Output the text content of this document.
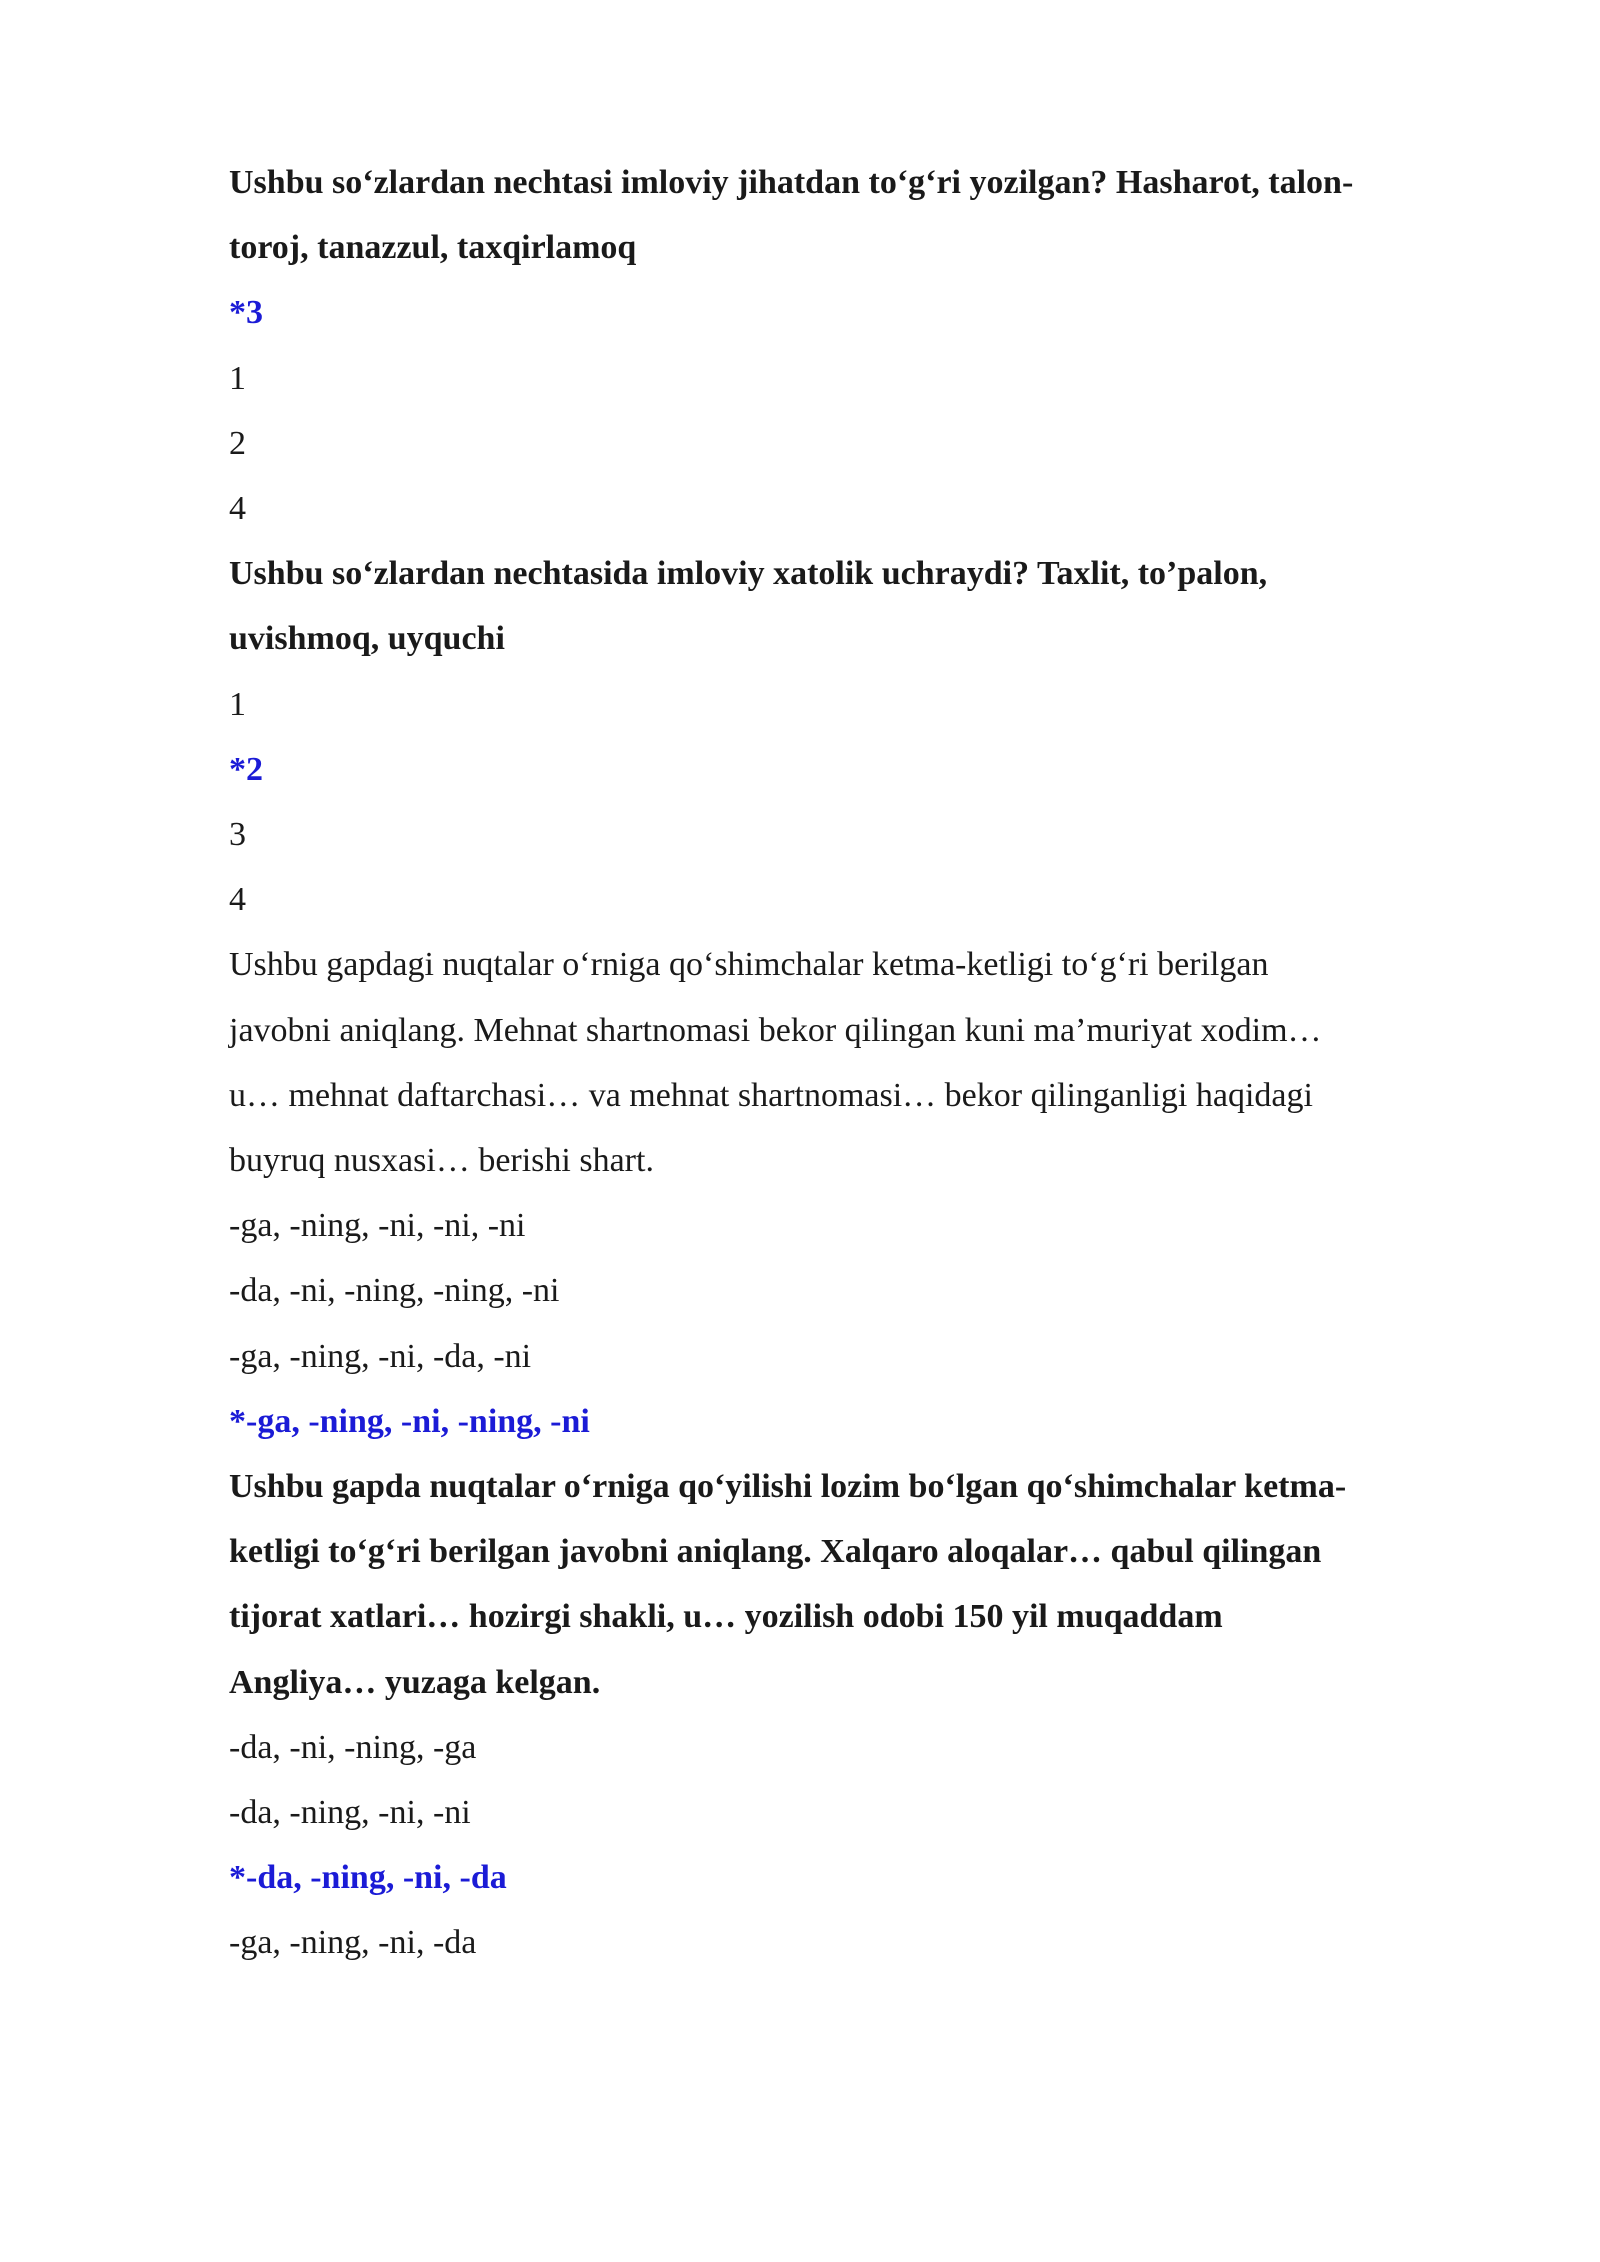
Ushbu so‘zlardan nechtasi imloviy jihatdan to‘g‘ri yozilgan? Hasharot, talon-
toroj, tanazzul, taxqirlamoq
*3
1
2
4
Ushbu so‘zlardan nechtasida imloviy xatolik uchraydi? Taxlit, to’palon,
uvishmoq, uyquchi
1
*2
3
4
Ushbu gapdagi nuqtalar o‘rniga qo‘shimchalar ketma-ketligi to‘g‘ri berilgan
javobni aniqlang. Mehnat shartnomasi bekor qilingan kuni ma’muriyat xodim…
u… mehnat daftarchasi… va mehnat shartnomasi… bekor qilinganligi haqidagi
buyruq nusxasi… berishi shart.
-ga, -ning, -ni, -ni, -ni
-da, -ni, -ning, -ning, -ni
-ga, -ning, -ni, -da, -ni
*-ga, -ning, -ni, -ning, -ni
Ushbu gapda nuqtalar o‘rniga qo‘yilishi lozim bo‘lgan qo‘shimchalar ketma-
ketligi to‘g‘ri berilgan javobni aniqlang. Xalqaro aloqalar… qabul qilingan
tijorat xatlari… hozirgi shakli, u… yozilish odobi 150 yil muqaddam
Angliya… yuzaga kelgan.
-da, -ni, -ning, -ga
-da, -ning, -ni, -ni
*-da, -ning, -ni, -da
-ga, -ning, -ni, -da
